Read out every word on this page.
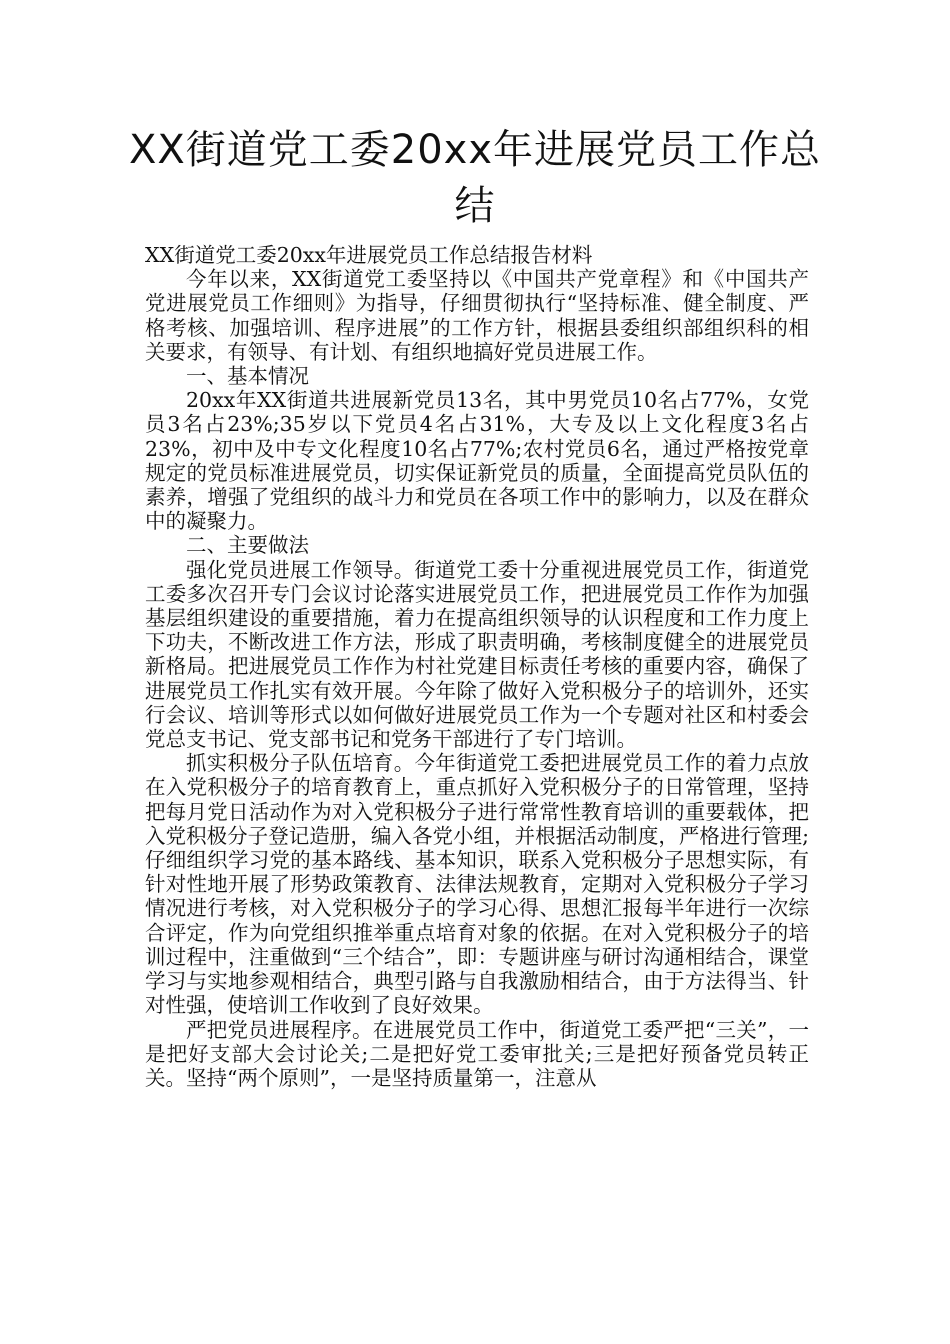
XX街道党工委20xx年进展党员工作总结

XX街道党工委20xx年进展党员工作总结报告材料

今年以来，XX街道党工委坚持以《中国共产党章程》和《中国共产党进展党员工作细则》为指导，仔细贯彻执行“坚持标准、健全制度、严格考核、加强培训、程序进展”的工作方针，根据县委组织部组织科的相关要求，有领导、有计划、有组织地搞好党员进展工作。

一、基本情况

20xx年XX街道共进展新党员13名，其中男党员10名占77%，女党员3名占23%;35岁以下党员4名占31%，大专及以上文化程度3名占23%，初中及中专文化程度10名占77%;农村党员6名，通过严格按党章规定的党员标准进展党员，切实保证新党员的质量，全面提高党员队伍的素养，增强了党组织的战斗力和党员在各项工作中的影响力，以及在群众中的凝聚力。

二、主要做法

强化党员进展工作领导。街道党工委十分重视进展党员工作，街道党工委多次召开专门会议讨论落实进展党员工作，把进展党员工作作为加强基层组织建设的重要措施，着力在提高组织领导的认识程度和工作力度上下功夫，不断改进工作方法，形成了职责明确，考核制度健全的进展党员新格局。把进展党员工作作为村社党建目标责任考核的重要内容，确保了进展党员工作扎实有效开展。今年除了做好入党积极分子的培训外，还实行会议、培训等形式以如何做好进展党员工作为一个专题对社区和村委会党总支书记、党支部书记和党务干部进行了专门培训。

抓实积极分子队伍培育。今年街道党工委把进展党员工作的着力点放在入党积极分子的培育教育上，重点抓好入党积极分子的日常管理，坚持把每月党日活动作为对入党积极分子进行常常性教育培训的重要载体，把入党积极分子登记造册，编入各党小组，并根据活动制度，严格进行管理;仔细组织学习党的基本路线、基本知识，联系入党积极分子思想实际，有针对性地开展了形势政策教育、法律法规教育，定期对入党积极分子学习情况进行考核，对入党积极分子的学习心得、思想汇报每半年进行一次综合评定，作为向党组织推举重点培育对象的依据。在对入党积极分子的培训过程中，注重做到“三个结合”，即：专题讲座与研讨沟通相结合，课堂学习与实地参观相结合，典型引路与自我激励相结合，由于方法得当、针对性强，使培训工作收到了良好效果。

严把党员进展程序。在进展党员工作中，街道党工委严把“三关”，一是把好支部大会讨论关;二是把好党工委审批关;三是把好预备党员转正关。坚持“两个原则”，一是坚持质量第一，注意从
